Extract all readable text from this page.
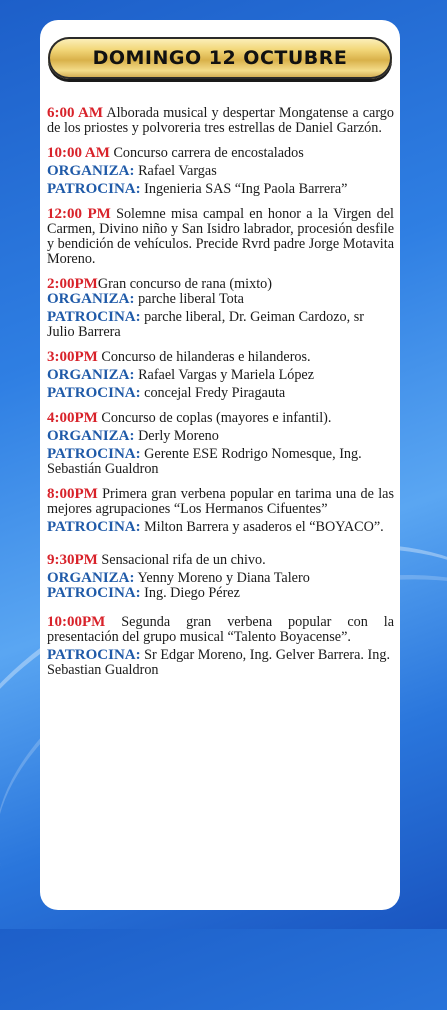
DOMINGO 12 OCTUBRE

6:00 AM Alborada musical y despertar Mongatense a cargo de los priostes y polvoreria tres estrellas de Daniel Garzón.

10:00 AM Concurso carrera de encostalados

ORGANIZA: Rafael Vargas

PATROCINA: Ingenieria SAS “Ing Paola Barrera”

12:00 PM Solemne misa campal en honor a la Virgen del Carmen, Divino niño y San Isidro labrador, procesión desfile y bendición de vehículos. Precide Rvrd padre Jorge Motavita Moreno.

2:00PMGran concurso de rana (mixto)

ORGANIZA: parche liberal Tota

PATROCINA: parche liberal, Dr. Geiman Cardozo, sr Julio Barrera

3:00PM Concurso de hilanderas e hilanderos.

ORGANIZA: Rafael Vargas y Mariela López

PATROCINA: concejal Fredy Piragauta

4:00PM Concurso de coplas (mayores e infantil).

ORGANIZA: Derly Moreno

PATROCINA: Gerente ESE Rodrigo Nomesque, Ing. Sebastián Gualdron

8:00PM Primera gran verbena popular en tarima una de las mejores agrupaciones “Los Hermanos Cifuentes”

PATROCINA: Milton Barrera y asaderos el “BOYACO”.

9:30PM Sensacional rifa de un chivo.

ORGANIZA: Yenny Moreno y Diana Talero

PATROCINA: Ing. Diego Pérez

10:00PM Segunda gran verbena popular con la presentación del grupo musical “Talento Boyacense”.

PATROCINA: Sr Edgar Moreno, Ing. Gelver Barrera. Ing. Sebastian Gualdron
